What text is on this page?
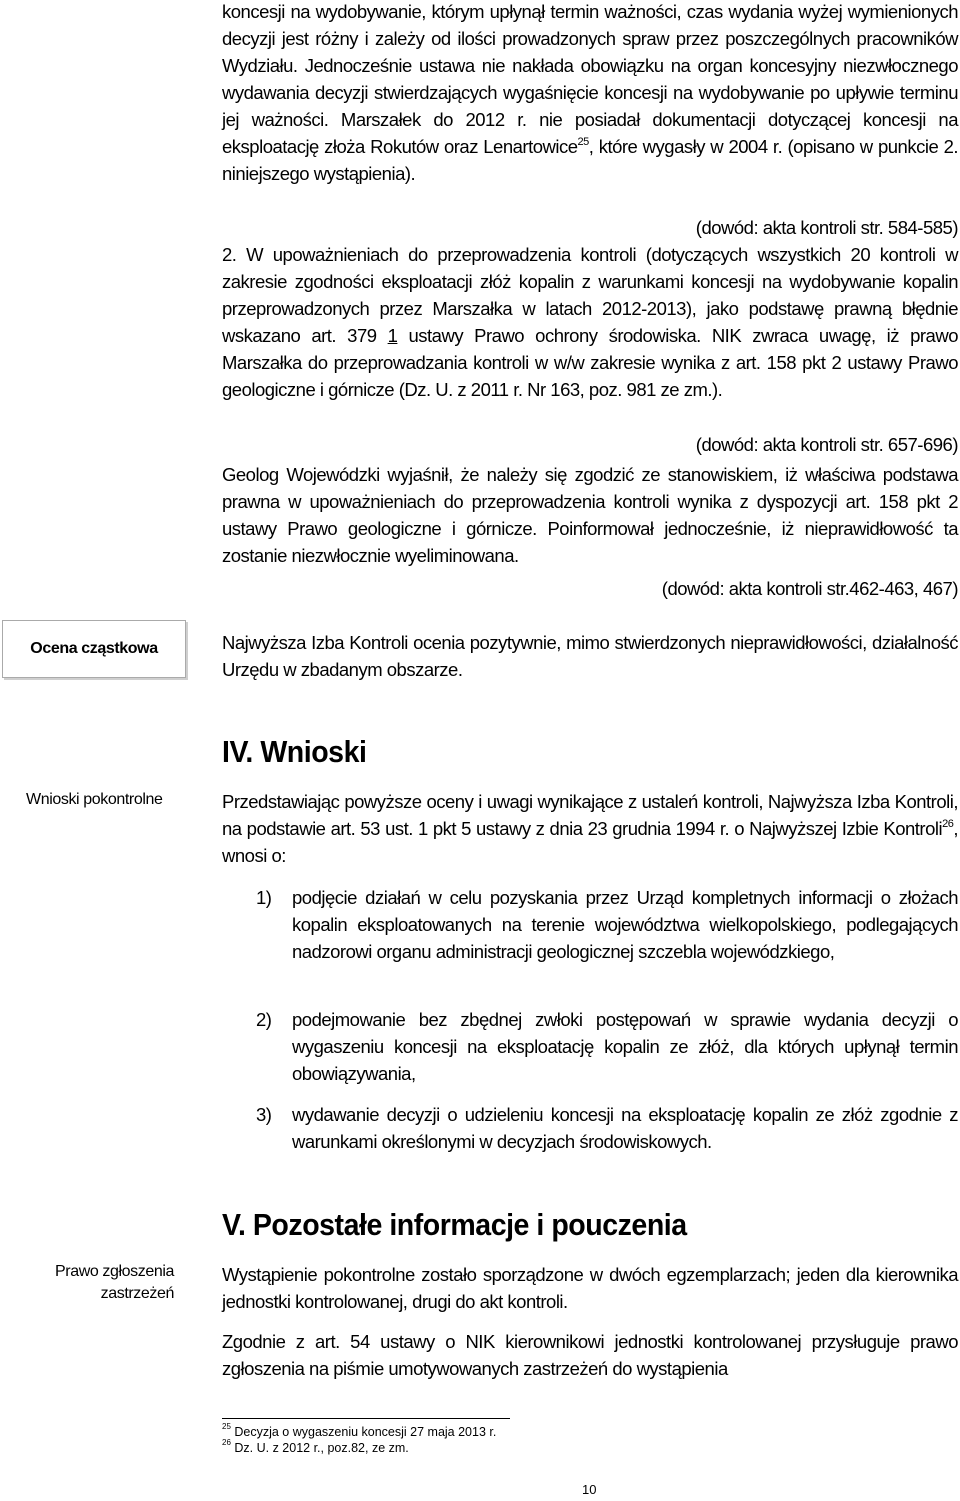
koncesji na wydobywanie, którym upłynął termin ważności, czas wydania wyżej wymienionych decyzji jest różny i zależy od ilości prowadzonych spraw przez poszczególnych pracowników Wydziału. Jednocześnie ustawa nie nakłada obowiązku na organ koncesyjny niezwłocznego wydawania decyzji stwierdzających wygaśnięcie koncesji na wydobywanie po upływie terminu jej ważności. Marszałek do 2012 r. nie posiadał dokumentacji dotyczącej koncesji na eksploatację złoża Rokutów oraz Lenartowice$^{25}$, które wygasły w 2004 r. (opisano w punkcie 2. niniejszego wystąpienia).
(dowód: akta kontroli str. 584-585)
2. W upoważnieniach do przeprowadzenia kontroli (dotyczących wszystkich 20 kontroli w zakresie zgodności eksploatacji złóż kopalin z warunkami koncesji na wydobywanie kopalin przeprowadzonych przez Marszałka w latach 2012-2013), jako podstawę prawną błędnie wskazano art. 379 1 ustawy Prawo ochrony środowiska. NIK zwraca uwagę, iż prawo Marszałka do przeprowadzania kontroli w w/w zakresie wynika z art. 158 pkt 2 ustawy Prawo geologiczne i górnicze (Dz. U. z 2011 r. Nr 163, poz. 981 ze zm.).
(dowód: akta kontroli str. 657-696)
Geolog Wojewódzki wyjaśnił, że należy się zgodzić ze stanowiskiem, iż właściwa podstawa prawna w upoważnieniach do przeprowadzenia kontroli wynika z dyspozycji art. 158 pkt 2 ustawy Prawo geologiczne i górnicze. Poinformował jednocześnie, iż nieprawidłowość ta zostanie niezwłocznie wyeliminowana.
(dowód: akta kontroli str.462-463, 467)
Ocena cząstkowa	Najwyższa Izba Kontroli ocenia pozytywnie, mimo stwierdzonych nieprawidłowości, działalność Urzędu w zbadanym obszarze.
IV. Wnioski
Wnioski pokontrolne	Przedstawiając powyższe oceny i uwagi wynikające z ustaleń kontroli, Najwyższa Izba Kontroli, na podstawie art. 53 ust. 1 pkt 5 ustawy z dnia 23 grudnia 1994 r. o Najwyższej Izbie Kontroli$^{26}$, wnosi o:
1) podjęcie działań w celu pozyskania przez Urząd kompletnych informacji o złożach kopalin eksploatowanych na terenie województwa wielkopolskiego, podlegających nadzorowi organu administracji geologicznej szczebla wojewódzkiego,
2) podejmowanie bez zbędnej zwłoki postępowań w sprawie wydania decyzji o wygaszeniu koncesji na eksploatację kopalin ze złóż, dla których upłynął termin obowiązywania,
3) wydawanie decyzji o udzieleniu koncesji na eksploatację kopalin ze złóż zgodnie z warunkami określonymi w decyzjach środowiskowych.
V. Pozostałe informacje i pouczenia
Prawo zgłoszenia zastrzeżeń
Wystąpienie pokontrolne zostało sporządzone w dwóch egzemplarzach; jeden dla kierownika jednostki kontrolowanej, drugi do akt kontroli.
Zgodnie z art. 54 ustawy o NIK kierownikowi jednostki kontrolowanej przysługuje prawo zgłoszenia na piśmie umotywowanych zastrzeżeń do wystąpienia
$^{25}$ Decyzja o wygaszeniu koncesji 27 maja 2013 r.
$^{26}$ Dz. U. z 2012 r., poz.82, ze zm.
10
